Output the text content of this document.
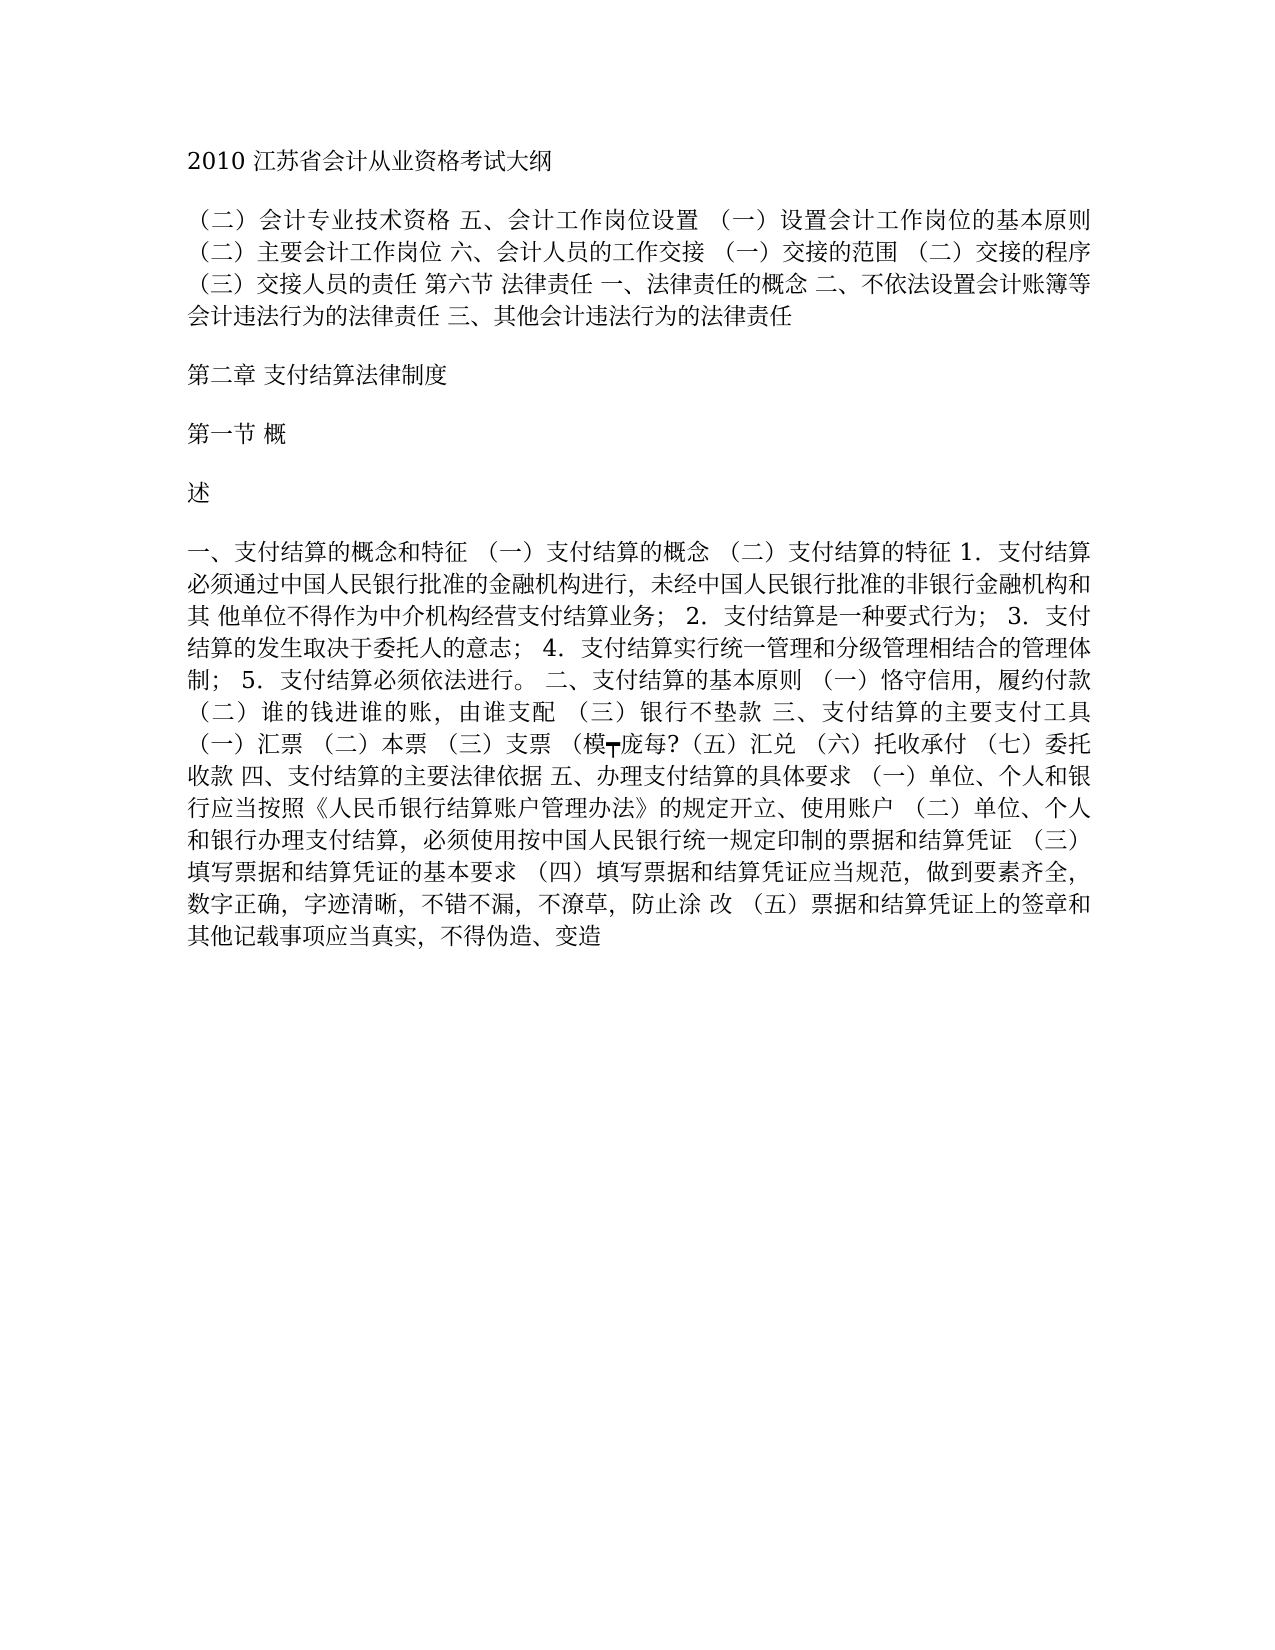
2010 江苏省会计从业资格考试大纲

（二）会计专业技术资格 五、会计工作岗位设置 （一）设置会计工作岗位的基本原则 （二）主要会计工作岗位 六、会计人员的工作交接 （一）交接的范围 （二）交接的程序 （三）交接人员的责任 第六节 法律责任 一、法律责任的概念 二、不依法设置会计账簿等会计违法行为的法律责任 三、其他会计违法行为的法律责任

第二章 支付结算法律制度

第一节 概

述

一、支付结算的概念和特征 （一）支付结算的概念 （二）支付结算的特征 1．支付结算必须通过中国人民银行批准的金融机构进行，未经中国人民银行批准的非银行金融机构和其 他单位不得作为中介机构经营支付结算业务； 2．支付结算是一种要式行为； 3．支付结算的发生取决于委托人的意志； 4．支付结算实行统一管理和分级管理相结合的管理体制； 5．支付结算必须依法进行。 二、支付结算的基本原则 （一）恪守信用，履约付款 （二）谁的钱进谁的账，由谁支配 （三）银行不垫款 三、支付结算的主要支付工具 （一）汇票 （二）本票 （三）支票 （模┯庞每?（五）汇兑 （六）托收承付 （七）委托收款 四、支付结算的主要法律依据 五、办理支付结算的具体要求 （一）单位、个人和银行应当按照《人民币银行结算账户管理办法》的规定开立、使用账户 （二）单位、个人和银行办理支付结算，必须使用按中国人民银行统一规定印制的票据和结算凭证 （三）填写票据和结算凭证的基本要求 （四）填写票据和结算凭证应当规范，做到要素齐全，数字正确，字迹清晰，不错不漏，不潦草，防止涂 改 （五）票据和结算凭证上的签章和其他记载事项应当真实，不得伪造、变造
